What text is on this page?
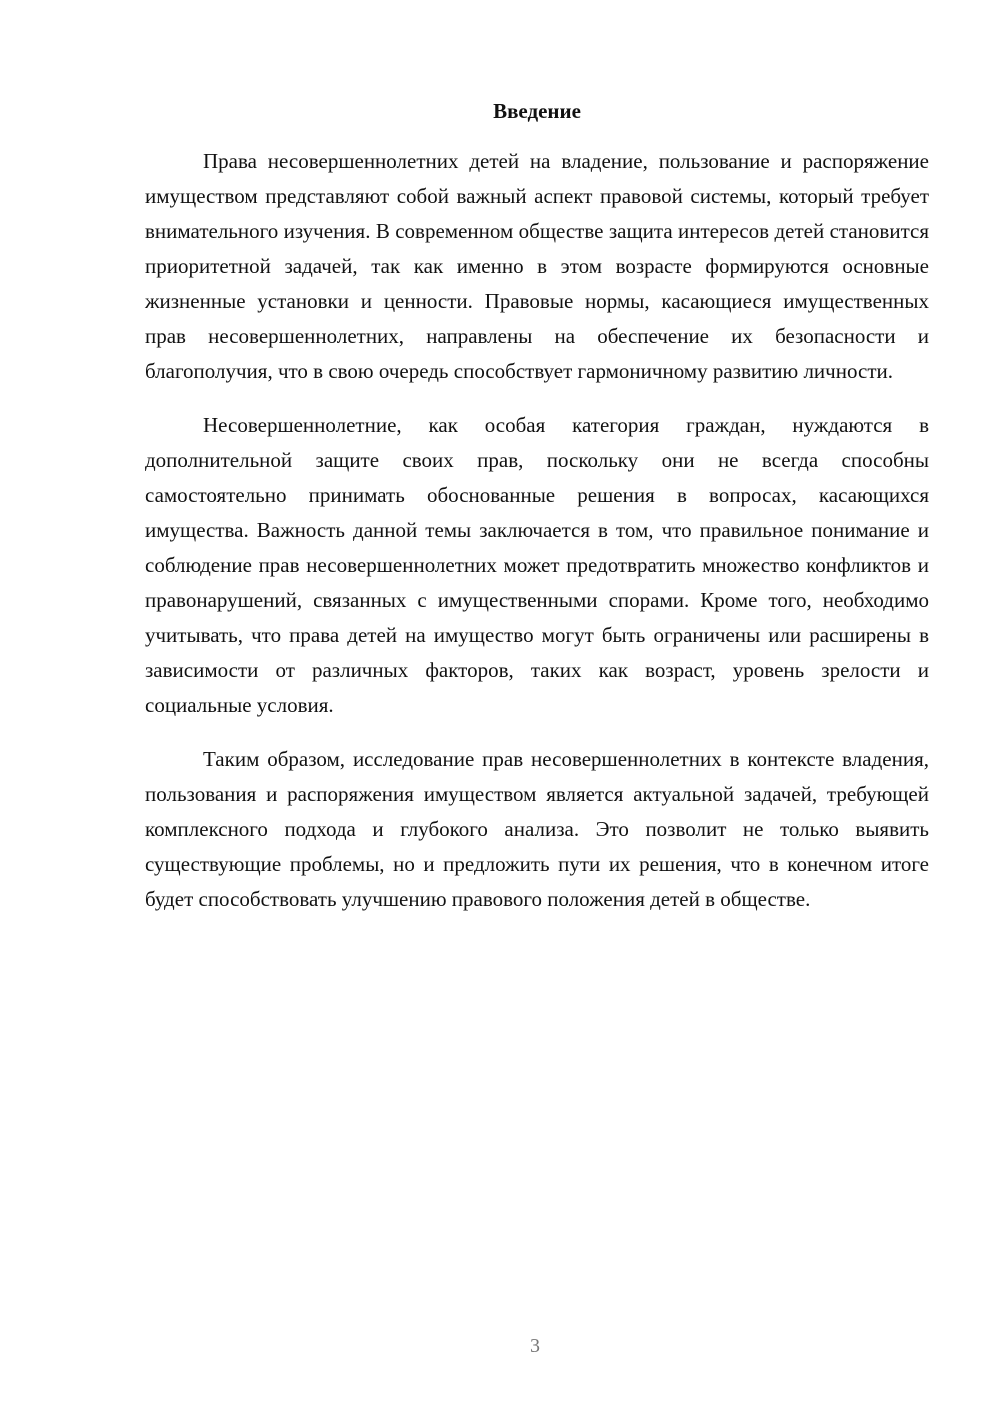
Введение

Права несовершеннолетних детей на владение, пользование и распоряжение имуществом представляют собой важный аспект правовой системы, который требует внимательного изучения. В современном обществе защита интересов детей становится приоритетной задачей, так как именно в этом возрасте формируются основные жизненные установки и ценности. Правовые нормы, касающиеся имущественных прав несовершеннолетних, направлены на обеспечение их безопасности и благополучия, что в свою очередь способствует гармоничному развитию личности.

Несовершеннолетние, как особая категория граждан, нуждаются в дополнительной защите своих прав, поскольку они не всегда способны самостоятельно принимать обоснованные решения в вопросах, касающихся имущества. Важность данной темы заключается в том, что правильное понимание и соблюдение прав несовершеннолетних может предотвратить множество конфликтов и правонарушений, связанных с имущественными спорами. Кроме того, необходимо учитывать, что права детей на имущество могут быть ограничены или расширены в зависимости от различных факторов, таких как возраст, уровень зрелости и социальные условия.

Таким образом, исследование прав несовершеннолетних в контексте владения, пользования и распоряжения имуществом является актуальной задачей, требующей комплексного подхода и глубокого анализа. Это позволит не только выявить существующие проблемы, но и предложить пути их решения, что в конечном итоге будет способствовать улучшению правового положения детей в обществе.

3
